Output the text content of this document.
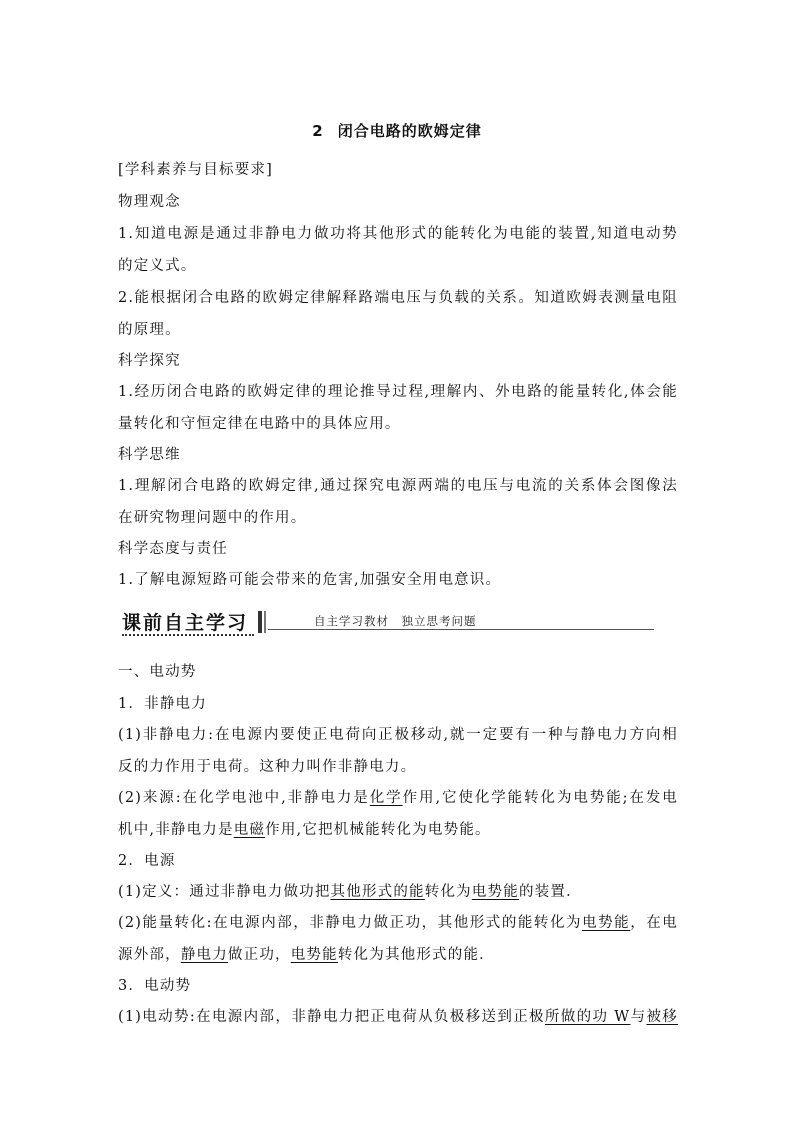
2 闭合电路的欧姆定律
[学科素养与目标要求]
物理观念
1.知道电源是通过非静电力做功将其他形式的能转化为电能的装置,知道电动势
的定义式。
2.能根据闭合电路的欧姆定律解释路端电压与负载的关系。知道欧姆表测量电阻
的原理。
科学探究
1.经历闭合电路的欧姆定律的理论推导过程,理解内、外电路的能量转化,体会能
量转化和守恒定律在电路中的具体应用。
科学思维
1.理解闭合电路的欧姆定律,通过探究电源两端的电压与电流的关系体会图像法
在研究物理问题中的作用。
科学态度与责任
1.了解电源短路可能会带来的危害,加强安全用电意识。
课前自主学习	自主学习教材　独立思考问题
一、电动势
1．非静电力
(1)非静电力:在电源内要使正电荷向正极移动,就一定要有一种与静电力方向相
反的力作用于电荷。这种力叫作非静电力。
(2)来源:在化学电池中,非静电力是化学作用,它使化学能转化为电势能;在发电
机中,非静电力是电磁作用,它把机械能转化为电势能。
2．电源
(1)定义：通过非静电力做功把其他形式的能转化为电势能的装置．
(2)能量转化:在电源内部，非静电力做正功，其他形式的能转化为电势能，在电
源外部，静电力做正功，电势能转化为其他形式的能．
3．电动势
(1)电动势:在电源内部，非静电力把正电荷从负极移送到正极所做的功 W与被移
